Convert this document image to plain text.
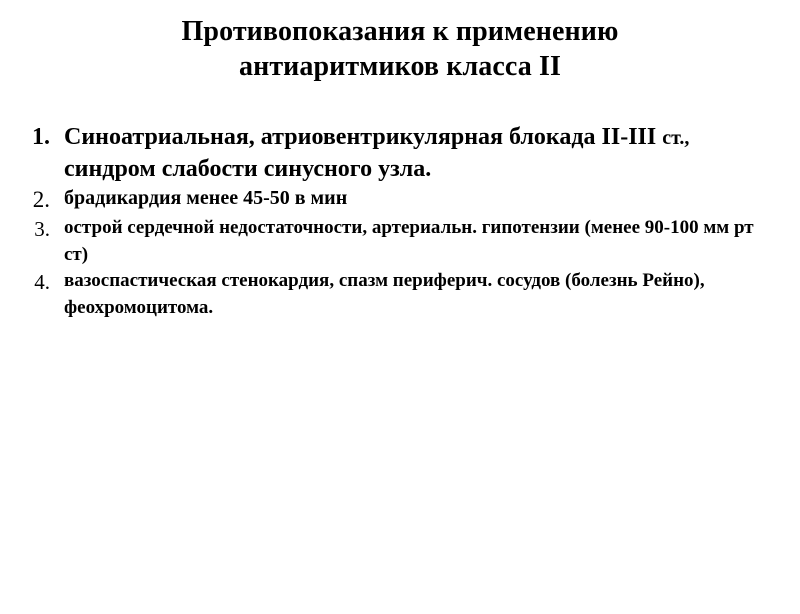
Противопоказания к применению
антиаритмиков класса II
1. Синоатриальная, атриовентрикулярная блокада II-III ст., синдром слабости синусного узла.
2. брадикардия менее 45-50 в мин
3. острой сердечной недостаточности, артериальн. гипотензии (менее 90-100 мм рт ст)
4. вазоспастическая стенокардия, спазм периферич. сосудов (болезнь Рейно), феохромоцитома.
